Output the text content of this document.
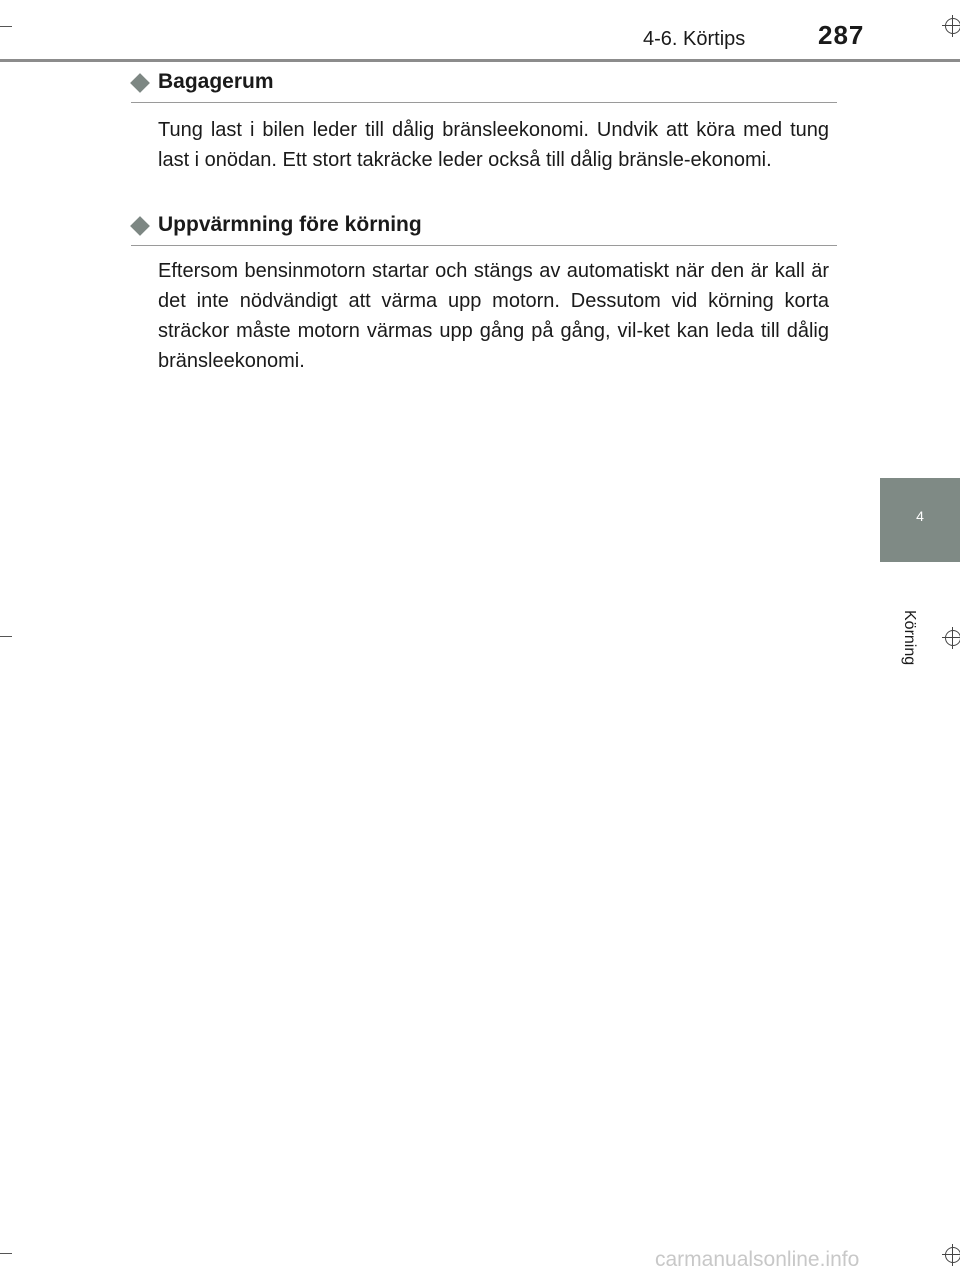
4-6. Körtips	287
4
Körning
Bagagerum
Tung last i bilen leder till dålig bränsleekonomi. Undvik att köra med tung last i onödan. Ett stort takräcke leder också till dålig bränsle-ekonomi.
Uppvärmning före körning
Eftersom bensinmotorn startar och stängs av automatiskt när den är kall är det inte nödvändigt att värma upp motorn. Dessutom vid körning korta sträckor måste motorn värmas upp gång på gång, vil-ket kan leda till dålig bränsleekonomi.
carmanualsonline.info
